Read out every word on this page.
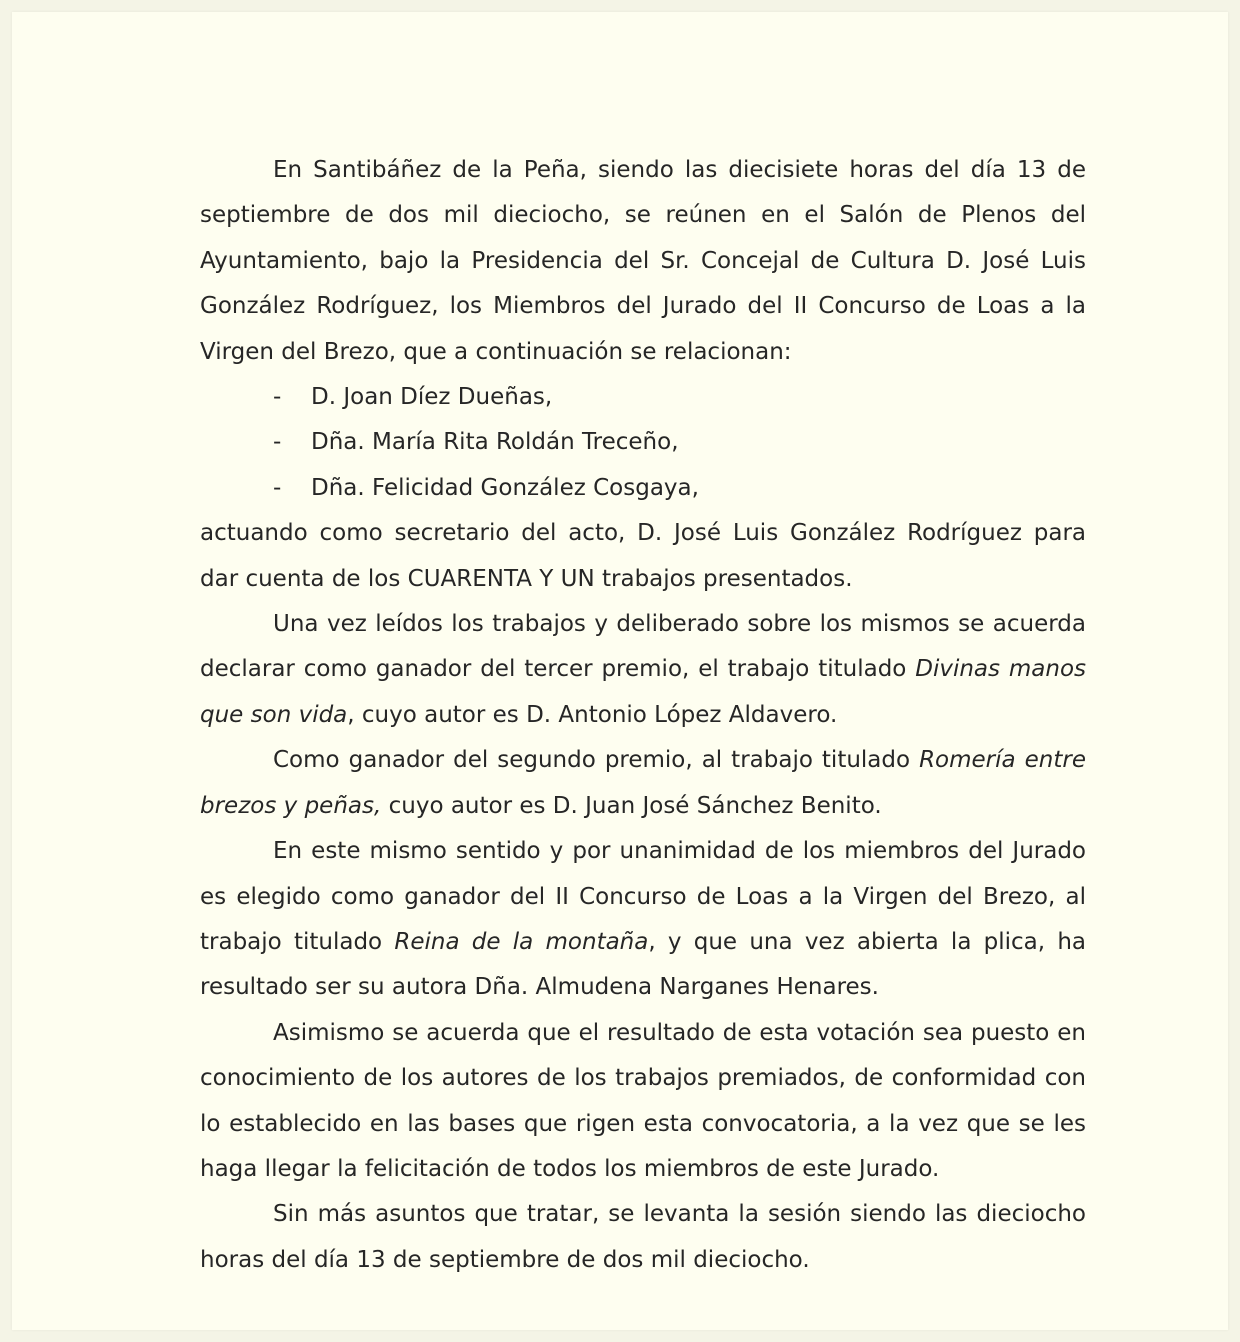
En Santibáñez de la Peña, siendo las diecisiete horas del día 13 de septiembre de dos mil dieciocho, se reúnen en el Salón de Plenos del Ayuntamiento, bajo la Presidencia del Sr. Concejal de Cultura D. José Luis González Rodríguez, los Miembros del Jurado del II Concurso de Loas a la Virgen del Brezo, que a continuación se relacionan:

- D. Joan Díez Dueñas,
- Dña. María Rita Roldán Treceño,
- Dña. Felicidad González Cosgaya,

actuando como secretario del acto, D. José Luis González Rodríguez para dar cuenta de los CUARENTA Y UN trabajos presentados.

Una vez leídos los trabajos y deliberado sobre los mismos se acuerda declarar como ganador del tercer premio, el trabajo titulado Divinas manos que son vida, cuyo autor es D. Antonio López Aldavero.

Como ganador del segundo premio, al trabajo titulado Romería entre brezos y peñas, cuyo autor es D. Juan José Sánchez Benito.

En este mismo sentido y por unanimidad de los miembros del Jurado es elegido como ganador del II Concurso de Loas a la Virgen del Brezo, al trabajo titulado Reina de la montaña, y que una vez abierta la plica, ha resultado ser su autora Dña. Almudena Narganes Henares.

Asimismo se acuerda que el resultado de esta votación sea puesto en conocimiento de los autores de los trabajos premiados, de conformidad con lo establecido en las bases que rigen esta convocatoria, a la vez que se les haga llegar la felicitación de todos los miembros de este Jurado.

Sin más asuntos que tratar, se levanta la sesión siendo las dieciocho horas del día 13 de septiembre de dos mil dieciocho.
